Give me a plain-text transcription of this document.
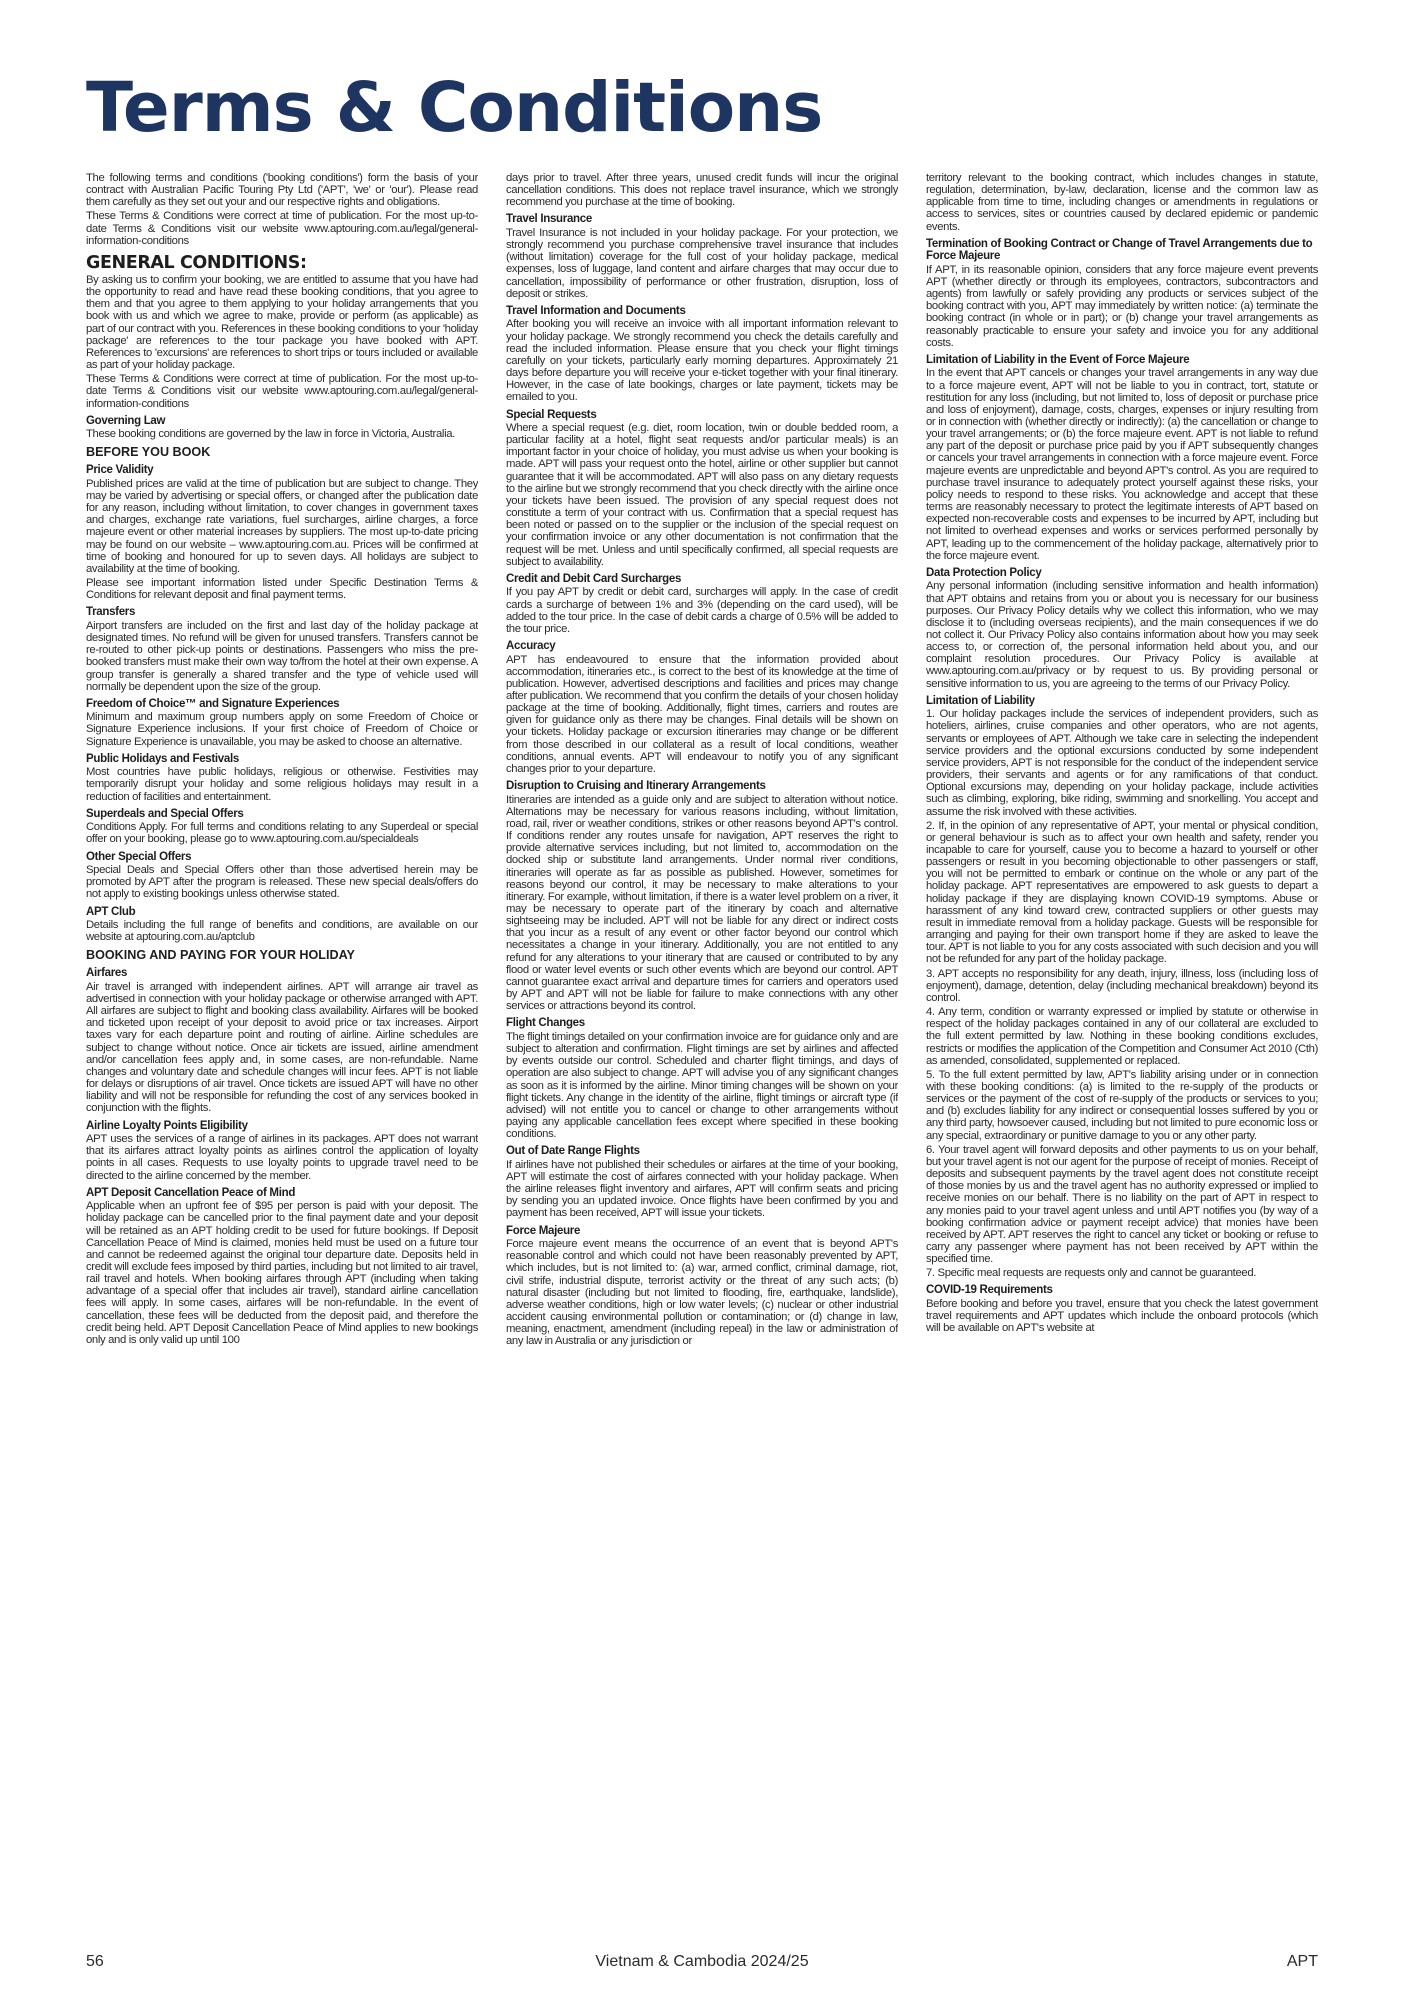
Terms & Conditions

The following terms and conditions ('booking conditions') form the basis of your contract with Australian Pacific Touring Pty Ltd ('APT', 'we' or 'our'). Please read them carefully as they set out your and our respective rights and obligations.

These Terms & Conditions were correct at time of publication. For the most up-to-date Terms & Conditions visit our website www.aptouring.com.au/legal/general-information-conditions

GENERAL CONDITIONS:

By asking us to confirm your booking, we are entitled to assume that you have had the opportunity to read and have read these booking conditions, that you agree to them and that you agree to them applying to your holiday arrangements that you book with us and which we agree to make, provide or perform (as applicable) as part of our contract with you. References in these booking conditions to your 'holiday package' are references to the tour package you have booked with APT. References to 'excursions' are references to short trips or tours included or available as part of your holiday package.

These Terms & Conditions were correct at time of publication. For the most up-to-date Terms & Conditions visit our website www.aptouring.com.au/legal/general-information-conditions

Governing Law

These booking conditions are governed by the law in force in Victoria, Australia.

BEFORE YOU BOOK
Price Validity

Published prices are valid at the time of publication but are subject to change. They may be varied by advertising or special offers, or changed after the publication date for any reason, including without limitation, to cover changes in government taxes and charges, exchange rate variations, fuel surcharges, airline charges, a force majeure event or other material increases by suppliers. The most up-to-date pricing may be found on our website – www.aptouring.com.au. Prices will be confirmed at time of booking and honoured for up to seven days. All holidays are subject to availability at the time of booking.

Please see important information listed under Specific Destination Terms & Conditions for relevant deposit and final payment terms.

Transfers

Airport transfers are included on the first and last day of the holiday package at designated times. No refund will be given for unused transfers. Transfers cannot be re-routed to other pick-up points or destinations. Passengers who miss the pre-booked transfers must make their own way to/from the hotel at their own expense. A group transfer is generally a shared transfer and the type of vehicle used will normally be dependent upon the size of the group.

Freedom of Choice™ and Signature Experiences

Minimum and maximum group numbers apply on some Freedom of Choice or Signature Experience inclusions. If your first choice of Freedom of Choice or Signature Experience is unavailable, you may be asked to choose an alternative.

Public Holidays and Festivals

Most countries have public holidays, religious or otherwise. Festivities may temporarily disrupt your holiday and some religious holidays may result in a reduction of facilities and entertainment.

Superdeals and Special Offers

Conditions Apply. For full terms and conditions relating to any Superdeal or special offer on your booking, please go to www.aptouring.com.au/specialdeals

Other Special Offers

Special Deals and Special Offers other than those advertised herein may be promoted by APT after the program is released. These new special deals/offers do not apply to existing bookings unless otherwise stated.

APT Club

Details including the full range of benefits and conditions, are available on our website at aptouring.com.au/aptclub

BOOKING AND PAYING FOR YOUR HOLIDAY
Airfares

Air travel is arranged with independent airlines. APT will arrange air travel as advertised in connection with your holiday package or otherwise arranged with APT. All airfares are subject to flight and booking class availability. Airfares will be booked and ticketed upon receipt of your deposit to avoid price or tax increases. Airport taxes vary for each departure point and routing of airline. Airline schedules are subject to change without notice. Once air tickets are issued, airline amendment and/or cancellation fees apply and, in some cases, are non-refundable. Name changes and voluntary date and schedule changes will incur fees. APT is not liable for delays or disruptions of air travel. Once tickets are issued APT will have no other liability and will not be responsible for refunding the cost of any services booked in conjunction with the flights.

Airline Loyalty Points Eligibility

APT uses the services of a range of airlines in its packages. APT does not warrant that its airfares attract loyalty points as airlines control the application of loyalty points in all cases. Requests to use loyalty points to upgrade travel need to be directed to the airline concerned by the member.

APT Deposit Cancellation Peace of Mind

Applicable when an upfront fee of $95 per person is paid with your deposit. The holiday package can be cancelled prior to the final payment date and your deposit will be retained as an APT holding credit to be used for future bookings. If Deposit Cancellation Peace of Mind is claimed, monies held must be used on a future tour and cannot be redeemed against the original tour departure date. Deposits held in credit will exclude fees imposed by third parties, including but not limited to air travel, rail travel and hotels. When booking airfares through APT (including when taking advantage of a special offer that includes air travel), standard airline cancellation fees will apply. In some cases, airfares will be non-refundable. In the event of cancellation, these fees will be deducted from the deposit paid, and therefore the credit being held. APT Deposit Cancellation Peace of Mind applies to new bookings only and is only valid up until 100

days prior to travel. After three years, unused credit funds will incur the original cancellation conditions. This does not replace travel insurance, which we strongly recommend you purchase at the time of booking.

Travel Insurance

Travel Insurance is not included in your holiday package. For your protection, we strongly recommend you purchase comprehensive travel insurance that includes (without limitation) coverage for the full cost of your holiday package, medical expenses, loss of luggage, land content and airfare charges that may occur due to cancellation, impossibility of performance or other frustration, disruption, loss of deposit or strikes.

Travel Information and Documents

After booking you will receive an invoice with all important information relevant to your holiday package. We strongly recommend you check the details carefully and read the included information. Please ensure that you check your flight timings carefully on your tickets, particularly early morning departures. Approximately 21 days before departure you will receive your e-ticket together with your final itinerary. However, in the case of late bookings, charges or late payment, tickets may be emailed to you.

Special Requests

Where a special request (e.g. diet, room location, twin or double bedded room, a particular facility at a hotel, flight seat requests and/or particular meals) is an important factor in your choice of holiday, you must advise us when your booking is made. APT will pass your request onto the hotel, airline or other supplier but cannot guarantee that it will be accommodated. APT will also pass on any dietary requests to the airline but we strongly recommend that you check directly with the airline once your tickets have been issued. The provision of any special request does not constitute a term of your contract with us. Confirmation that a special request has been noted or passed on to the supplier or the inclusion of the special request on your confirmation invoice or any other documentation is not confirmation that the request will be met. Unless and until specifically confirmed, all special requests are subject to availability.

Credit and Debit Card Surcharges

If you pay APT by credit or debit card, surcharges will apply. In the case of credit cards a surcharge of between 1% and 3% (depending on the card used), will be added to the tour price. In the case of debit cards a charge of 0.5% will be added to the tour price.

Accuracy

APT has endeavoured to ensure that the information provided about accommodation, itineraries etc., is correct to the best of its knowledge at the time of publication. However, advertised descriptions and facilities and prices may change after publication. We recommend that you confirm the details of your chosen holiday package at the time of booking. Additionally, flight times, carriers and routes are given for guidance only as there may be changes. Final details will be shown on your tickets. Holiday package or excursion itineraries may change or be different from those described in our collateral as a result of local conditions, weather conditions, annual events. APT will endeavour to notify you of any significant changes prior to your departure.

Disruption to Cruising and Itinerary Arrangements

Itineraries are intended as a guide only and are subject to alteration without notice. Alternations may be necessary for various reasons including, without limitation, road, rail, river or weather conditions, strikes or other reasons beyond APT's control. If conditions render any routes unsafe for navigation, APT reserves the right to provide alternative services including, but not limited to, accommodation on the docked ship or substitute land arrangements. Under normal river conditions, itineraries will operate as far as possible as published. However, sometimes for reasons beyond our control, it may be necessary to make alterations to your itinerary. For example, without limitation, if there is a water level problem on a river, it may be necessary to operate part of the itinerary by coach and alternative sightseeing may be included. APT will not be liable for any direct or indirect costs that you incur as a result of any event or other factor beyond our control which necessitates a change in your itinerary. Additionally, you are not entitled to any refund for any alterations to your itinerary that are caused or contributed to by any flood or water level events or such other events which are beyond our control. APT cannot guarantee exact arrival and departure times for carriers and operators used by APT and APT will not be liable for failure to make connections with any other services or attractions beyond its control.

Flight Changes

The flight timings detailed on your confirmation invoice are for guidance only and are subject to alteration and confirmation. Flight timings are set by airlines and affected by events outside our control. Scheduled and charter flight timings, and days of operation are also subject to change. APT will advise you of any significant changes as soon as it is informed by the airline. Minor timing changes will be shown on your flight tickets. Any change in the identity of the airline, flight timings or aircraft type (if advised) will not entitle you to cancel or change to other arrangements without paying any applicable cancellation fees except where specified in these booking conditions.

Out of Date Range Flights

If airlines have not published their schedules or airfares at the time of your booking, APT will estimate the cost of airfares connected with your holiday package. When the airline releases flight inventory and airfares, APT will confirm seats and pricing by sending you an updated invoice. Once flights have been confirmed by you and payment has been received, APT will issue your tickets.

Force Majeure

Force majeure event means the occurrence of an event that is beyond APT's reasonable control and which could not have been reasonably prevented by APT, which includes, but is not limited to: (a) war, armed conflict, criminal damage, riot, civil strife, industrial dispute, terrorist activity or the threat of any such acts; (b) natural disaster (including but not limited to flooding, fire, earthquake, landslide), adverse weather conditions, high or low water levels; (c) nuclear or other industrial accident causing environmental pollution or contamination; or (d) change in law, meaning, enactment, amendment (including repeal) in the law or administration of any law in Australia or any jurisdiction or

territory relevant to the booking contract, which includes changes in statute, regulation, determination, by-law, declaration, license and the common law as applicable from time to time, including changes or amendments in regulations or access to services, sites or countries caused by declared epidemic or pandemic events.

Termination of Booking Contract or Change of Travel Arrangements due to Force Majeure

If APT, in its reasonable opinion, considers that any force majeure event prevents APT (whether directly or through its employees, contractors, subcontractors and agents) from lawfully or safely providing any products or services subject of the booking contract with you, APT may immediately by written notice: (a) terminate the booking contract (in whole or in part); or (b) change your travel arrangements as reasonably practicable to ensure your safety and invoice you for any additional costs.

Limitation of Liability in the Event of Force Majeure

In the event that APT cancels or changes your travel arrangements in any way due to a force majeure event, APT will not be liable to you in contract, tort, statute or restitution for any loss (including, but not limited to, loss of deposit or purchase price and loss of enjoyment), damage, costs, charges, expenses or injury resulting from or in connection with (whether directly or indirectly): (a) the cancellation or change to your travel arrangements; or (b) the force majeure event. APT is not liable to refund any part of the deposit or purchase price paid by you if APT subsequently changes or cancels your travel arrangements in connection with a force majeure event. Force majeure events are unpredictable and beyond APT's control. As you are required to purchase travel insurance to adequately protect yourself against these risks, your policy needs to respond to these risks. You acknowledge and accept that these terms are reasonably necessary to protect the legitimate interests of APT based on expected non-recoverable costs and expenses to be incurred by APT, including but not limited to overhead expenses and works or services performed personally by APT, leading up to the commencement of the holiday package, alternatively prior to the force majeure event.

Data Protection Policy

Any personal information (including sensitive information and health information) that APT obtains and retains from you or about you is necessary for our business purposes. Our Privacy Policy details why we collect this information, who we may disclose it to (including overseas recipients), and the main consequences if we do not collect it. Our Privacy Policy also contains information about how you may seek access to, or correction of, the personal information held about you, and our complaint resolution procedures. Our Privacy Policy is available at www.aptouring.com.au/privacy or by request to us. By providing personal or sensitive information to us, you are agreeing to the terms of our Privacy Policy.

Limitation of Liability

1. Our holiday packages include the services of independent providers, such as hoteliers, airlines, cruise companies and other operators, who are not agents, servants or employees of APT. Although we take care in selecting the independent service providers and the optional excursions conducted by some independent service providers, APT is not responsible for the conduct of the independent service providers, their servants and agents or for any ramifications of that conduct. Optional excursions may, depending on your holiday package, include activities such as climbing, exploring, bike riding, swimming and snorkelling. You accept and assume the risk involved with these activities.

2. If, in the opinion of any representative of APT, your mental or physical condition, or general behaviour is such as to affect your own health and safety, render you incapable to care for yourself, cause you to become a hazard to yourself or other passengers or result in you becoming objectionable to other passengers or staff, you will not be permitted to embark or continue on the whole or any part of the holiday package. APT representatives are empowered to ask guests to depart a holiday package if they are displaying known COVID-19 symptoms. Abuse or harassment of any kind toward crew, contracted suppliers or other guests may result in immediate removal from a holiday package. Guests will be responsible for arranging and paying for their own transport home if they are asked to leave the tour. APT is not liable to you for any costs associated with such decision and you will not be refunded for any part of the holiday package.

3. APT accepts no responsibility for any death, injury, illness, loss (including loss of enjoyment), damage, detention, delay (including mechanical breakdown) beyond its control.

4. Any term, condition or warranty expressed or implied by statute or otherwise in respect of the holiday packages contained in any of our collateral are excluded to the full extent permitted by law. Nothing in these booking conditions excludes, restricts or modifies the application of the Competition and Consumer Act 2010 (Cth) as amended, consolidated, supplemented or replaced.

5. To the full extent permitted by law, APT's liability arising under or in connection with these booking conditions: (a) is limited to the re-supply of the products or services or the payment of the cost of re-supply of the products or services to you; and (b) excludes liability for any indirect or consequential losses suffered by you or any third party, howsoever caused, including but not limited to pure economic loss or any special, extraordinary or punitive damage to you or any other party.

6. Your travel agent will forward deposits and other payments to us on your behalf, but your travel agent is not our agent for the purpose of receipt of monies. Receipt of deposits and subsequent payments by the travel agent does not constitute receipt of those monies by us and the travel agent has no authority expressed or implied to receive monies on our behalf. There is no liability on the part of APT in respect to any monies paid to your travel agent unless and until APT notifies you (by way of a booking confirmation advice or payment receipt advice) that monies have been received by APT. APT reserves the right to cancel any ticket or booking or refuse to carry any passenger where payment has not been received by APT within the specified time.

7. Specific meal requests are requests only and cannot be guaranteed.

COVID-19 Requirements

Before booking and before you travel, ensure that you check the latest government travel requirements and APT updates which include the onboard protocols (which will be available on APT's website at

56	Vietnam & Cambodia 2024/25	APT
